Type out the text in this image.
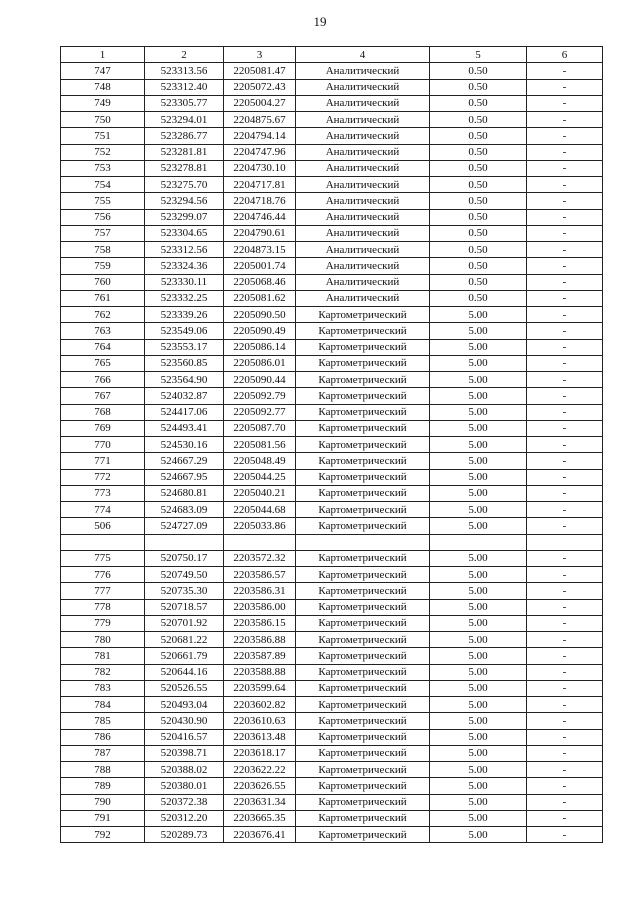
19
1	2	3	4	5	6
747	523313.56	2205081.47	Аналитический	0.50	-
748	523312.40	2205072.43	Аналитический	0.50	-
749	523305.77	2205004.27	Аналитический	0.50	-
750	523294.01	2204875.67	Аналитический	0.50	-
751	523286.77	2204794.14	Аналитический	0.50	-
752	523281.81	2204747.96	Аналитический	0.50	-
753	523278.81	2204730.10	Аналитический	0.50	-
754	523275.70	2204717.81	Аналитический	0.50	-
755	523294.56	2204718.76	Аналитический	0.50	-
756	523299.07	2204746.44	Аналитический	0.50	-
757	523304.65	2204790.61	Аналитический	0.50	-
758	523312.56	2204873.15	Аналитический	0.50	-
759	523324.36	2205001.74	Аналитический	0.50	-
760	523330.11	2205068.46	Аналитический	0.50	-
761	523332.25	2205081.62	Аналитический	0.50	-
762	523339.26	2205090.50	Картометрический	5.00	-
763	523549.06	2205090.49	Картометрический	5.00	-
764	523553.17	2205086.14	Картометрический	5.00	-
765	523560.85	2205086.01	Картометрический	5.00	-
766	523564.90	2205090.44	Картометрический	5.00	-
767	524032.87	2205092.79	Картометрический	5.00	-
768	524417.06	2205092.77	Картометрический	5.00	-
769	524493.41	2205087.70	Картометрический	5.00	-
770	524530.16	2205081.56	Картометрический	5.00	-
771	524667.29	2205048.49	Картометрический	5.00	-
772	524667.95	2205044.25	Картометрический	5.00	-
773	524680.81	2205040.21	Картометрический	5.00	-
774	524683.09	2205044.68	Картометрический	5.00	-
506	524727.09	2205033.86	Картометрический	5.00	-

775	520750.17	2203572.32	Картометрический	5.00	-
776	520749.50	2203586.57	Картометрический	5.00	-
777	520735.30	2203586.31	Картометрический	5.00	-
778	520718.57	2203586.00	Картометрический	5.00	-
779	520701.92	2203586.15	Картометрический	5.00	-
780	520681.22	2203586.88	Картометрический	5.00	-
781	520661.79	2203587.89	Картометрический	5.00	-
782	520644.16	2203588.88	Картометрический	5.00	-
783	520526.55	2203599.64	Картометрический	5.00	-
784	520493.04	2203602.82	Картометрический	5.00	-
785	520430.90	2203610.63	Картометрический	5.00	-
786	520416.57	2203613.48	Картометрический	5.00	-
787	520398.71	2203618.17	Картометрический	5.00	-
788	520388.02	2203622.22	Картометрический	5.00	-
789	520380.01	2203626.55	Картометрический	5.00	-
790	520372.38	2203631.34	Картометрический	5.00	-
791	520312.20	2203665.35	Картометрический	5.00	-
792	520289.73	2203676.41	Картометрический	5.00	-
